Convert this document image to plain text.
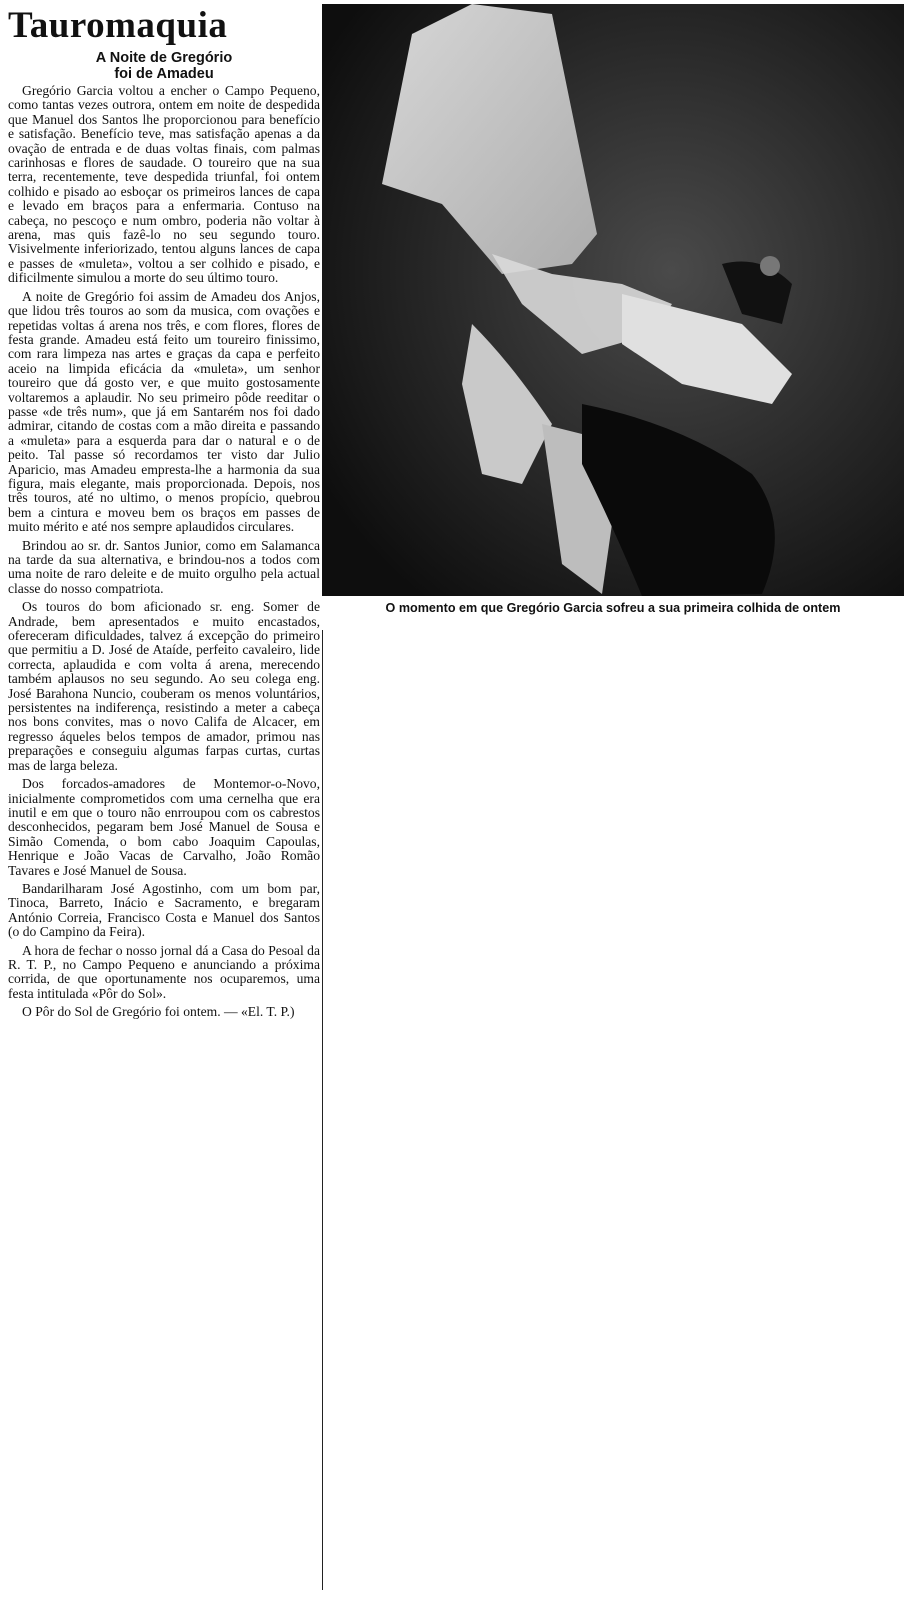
Tauromaquia
A Noite de Gregório
foi de Amadeu

Gregório Garcia voltou a encher o Campo Pequeno, como tantas vezes outrora, ontem em noite de despedida que Manuel dos Santos lhe proporcionou para benefício e satisfação. Benefício teve, mas satisfação apenas a da ovação de entrada e de duas voltas finais, com palmas carinhosas e flores de saudade. O toureiro que na sua terra, recentemente, teve despedida triunfal, foi ontem colhido e pisado ao esboçar os primeiros lances de capa e levado em braços para a enfermaria. Contuso na cabeça, no pescoço e num ombro, poderia não voltar à arena, mas quis fazê-lo no seu segundo touro. Visivelmente inferiorizado, tentou alguns lances de capa e passes de «muleta», voltou a ser colhido e pisado, e dificilmente simulou a morte do seu último touro.

A noite de Gregório foi assim de Amadeu dos Anjos, que lidou três touros ao som da musica, com ovações e repetidas voltas á arena nos três, e com flores, flores de festa grande. Amadeu está feito um toureiro finissimo, com rara limpeza nas artes e graças da capa e perfeito aceio na limpida eficácia da «muleta», um senhor toureiro que dá gosto ver, e que muito gostosamente voltaremos a aplaudir. No seu primeiro pôde reeditar o passe «de três num», que já em Santarém nos foi dado admirar, citando de costas com a mão direita e passando a «muleta» para a esquerda para dar o natural e o de peito. Tal passe só recordamos ter visto dar Julio Aparicio, mas Amadeu empresta-lhe a harmonia da sua figura, mais elegante, mais proporcionada. Depois, nos três touros, até no ultimo, o menos propício, quebrou bem a cintura e moveu bem os braços em passes de muito mérito e até nos sempre aplaudidos circulares.

Brindou ao sr. dr. Santos Junior, como em Salamanca na tarde da sua alternativa, e brindou-nos a todos com uma noite de raro deleite e de muito orgulho pela actual classe do nosso compatriota.

Os touros do bom aficionado sr. eng. Somer de Andrade, bem apresentados e muito encastados, ofereceram dificuldades, talvez á excepção do primeiro que permitiu a D. José de Ataíde, perfeito cavaleiro, lide correcta, aplaudida e com volta á arena, merecendo também aplausos no seu segundo. Ao seu colega eng. José Barahona Nuncio, couberam os menos voluntários, persistentes na indiferença, resistindo a meter a cabeça nos bons convites, mas o novo Califa de Alcacer, em regresso áqueles belos tempos de amador, primou nas preparações e conseguiu algumas farpas curtas, curtas mas de larga beleza.

Dos forcados-amadores de Montemor-o-Novo, inicialmente comprometidos com uma cernelha que era inutil e em que o touro não enrroupou com os cabrestos desconhecidos, pegaram bem José Manuel de Sousa e Simão Comenda, o bom cabo Joaquim Capoulas, Henrique e João Vacas de Carvalho, João Romão Tavares e José Manuel de Sousa.

Bandarilharam José Agostinho, com um bom par, Tinoca, Barreto, Inácio e Sacramento, e bregaram António Correia, Francisco Costa e Manuel dos Santos (o do Campino da Feira).

A hora de fechar o nosso jornal dá a Casa do Pesoal da R. T. P., no Campo Pequeno e anunciando a próxima corrida, de que oportunamente nos ocuparemos, uma festa intitulada «Pôr do Sol».

O Pôr do Sol de Gregório foi ontem. — «El. T. P.)

O momento em que Gregório Garcia sofreu a sua primeira colhida de ontem
